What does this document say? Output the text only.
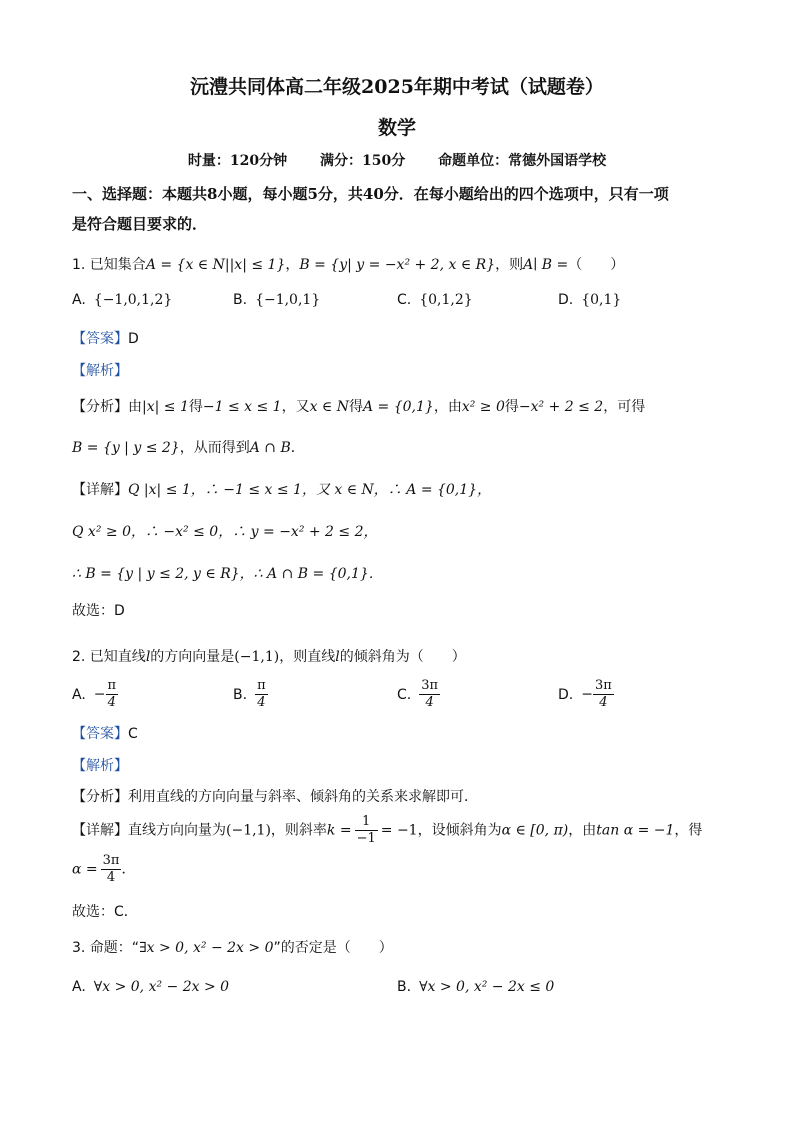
沅澧共同体高二年级2025年期中考试（试题卷）
数学
时量：120分钟 满分：150分 命题单位：常德外国语学校
一、选择题：本题共8小题，每小题5分，共40分．在每小题给出的四个选项中，只有一项
是符合题目要求的．
1. 已知集合A = {x ∈ N||x| ≤ 1}，B = {y| y = −x² + 2, x ∈ R}，则A∣ B =（　　）
A. {−1,0,1,2}	B. {−1,0,1}	C. {0,1,2}	D. {0,1}
【答案】D
【解析】
【分析】由|x| ≤ 1得−1 ≤ x ≤ 1，又x ∈ N得A = {0,1}，由x² ≥ 0得−x² + 2 ≤ 2，可得
B = {y | y ≤ 2}，从而得到A ∩ B．
【详解】Q |x| ≤ 1，∴ −1 ≤ x ≤ 1，又 x ∈ N，∴ A = {0,1}，
Q x² ≥ 0，∴ −x² ≤ 0，∴ y = −x² + 2 ≤ 2，
∴ B = {y | y ≤ 2, y ∈ R}，∴ A ∩ B = {0,1}．
故选：D
2. 已知直线l的方向向量是(−1,1)，则直线l的倾斜角为（　　）
A. − $\frac{\pi}{4}$	B. $\frac{\pi}{4}$	C. $\frac{3\pi}{4}$	D. − $\frac{3\pi}{4}$
【答案】C
【解析】
【分析】利用直线的方向向量与斜率、倾斜角的关系来求解即可．
【详解】直线方向向量为(−1,1)，则斜率$k = \frac{1}{-1} = -1$，设倾斜角为α ∈ [0, π)，由tan α = −1，得
$\alpha = \frac{3\pi}{4}$ ．
故选：C．
3. 命题：“∃x > 0, x² − 2x > 0”的否定是（　　）
A. ∀x > 0, x² − 2x > 0	B. ∀x > 0, x² − 2x ≤ 0
